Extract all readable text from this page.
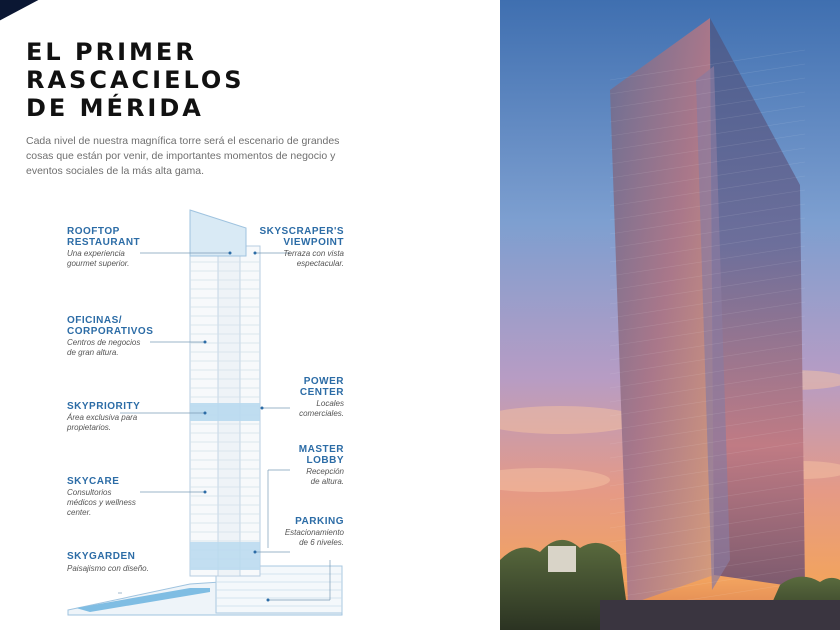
EL PRIMER
RASCACIELOS
DE MÉRIDA

Cada nivel de nuestra magnífica torre será el escenario de grandes cosas que están por venir, de importantes momentos de negocio y eventos sociales de la más alta gama.

ROOFTOP
RESTAURANT
Una experiencia
gourmet superior.
OFICINAS/
CORPORATIVOS
Centros de negocios
de gran altura.
SKYPRIORITY
Área exclusiva para
propietarios.
SKYCARE
Consultorios
médicos y wellness
center.
SKYGARDEN
Paisajismo con diseño.
SKYSCRAPER'S
VIEWPOINT
Terraza con vista
espectacular.
POWER
CENTER
Locales
comerciales.
MASTER
LOBBY
Recepción
de altura.
PARKING
Estacionamiento
de 6 niveles.
